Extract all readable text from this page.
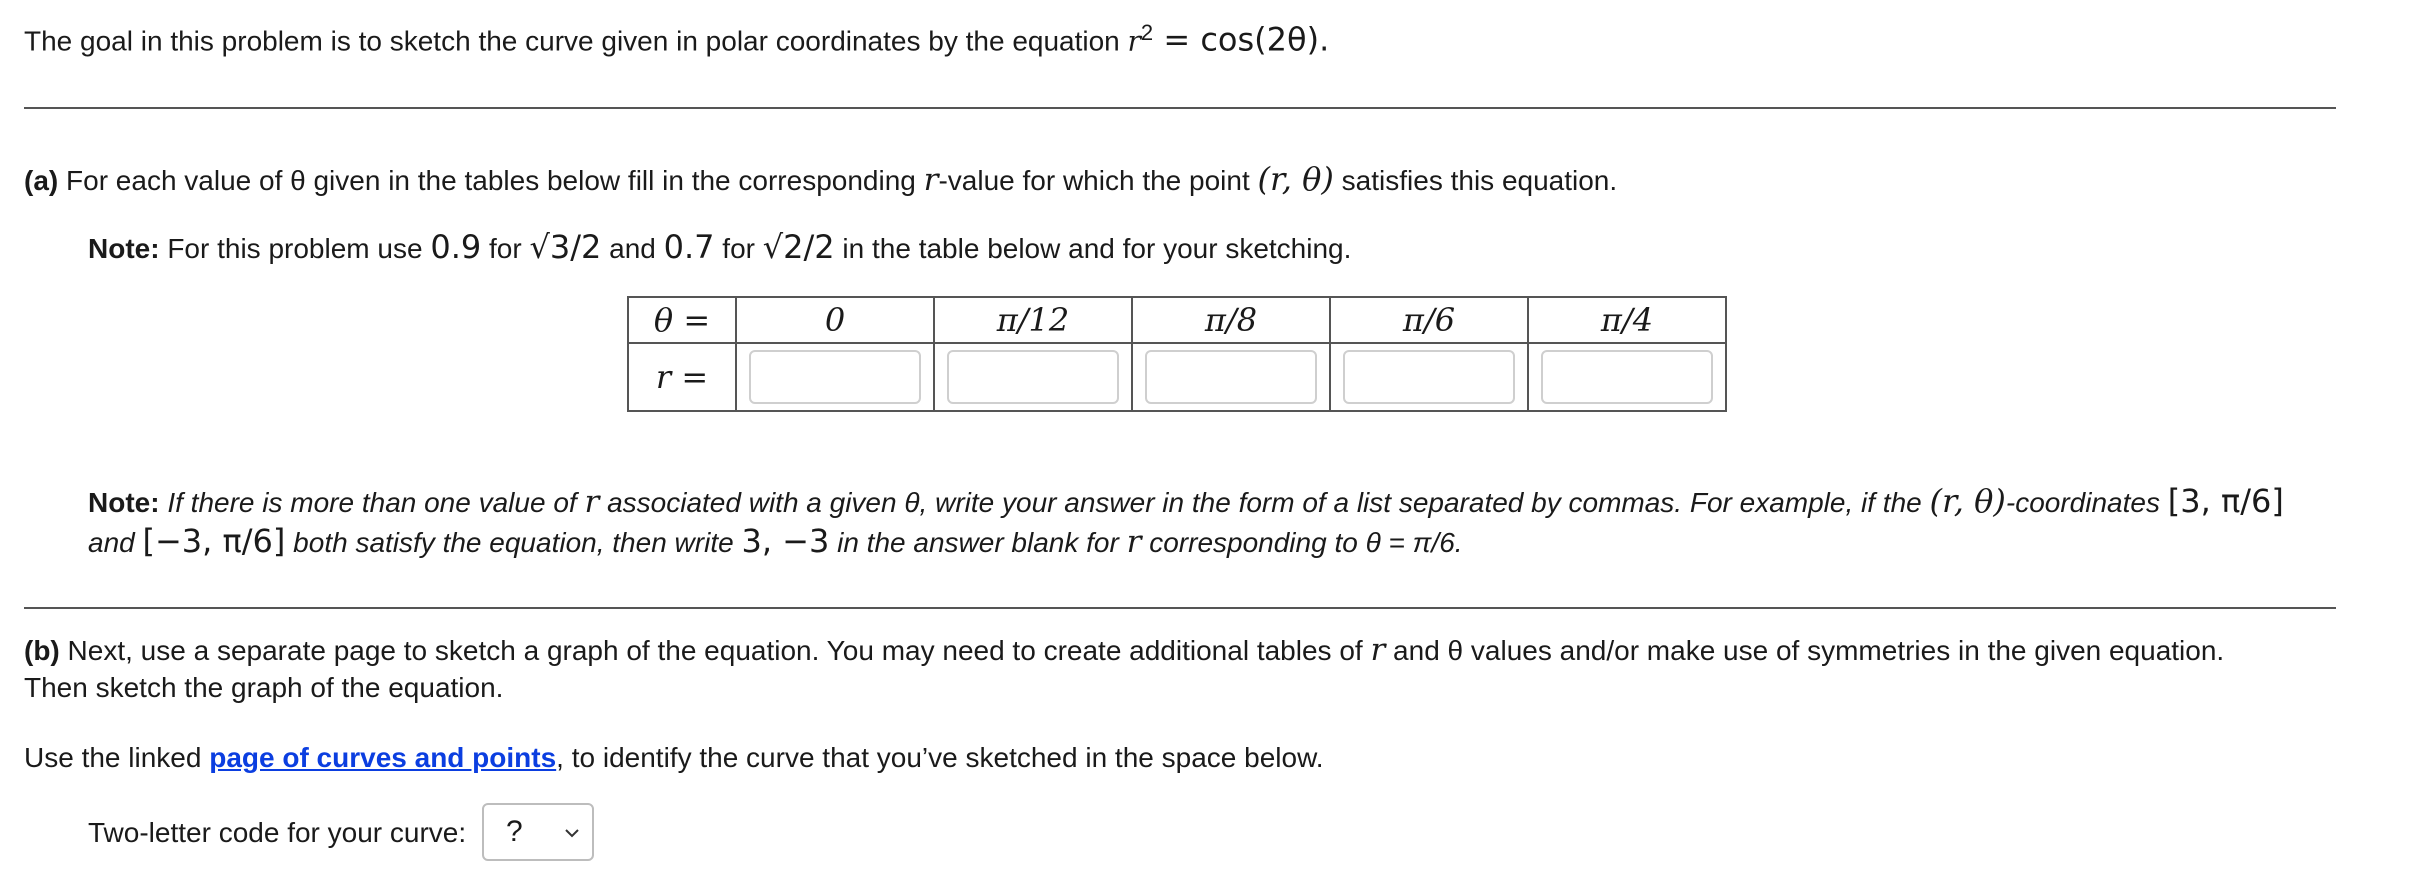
The goal in this problem is to sketch the curve given in polar coordinates by the equation $r^2 = \cos(2\theta)$.
(a) For each value of θ given in the tables below fill in the corresponding r-value for which the point (r, θ) satisfies this equation.
Note: For this problem use 0.9 for √3/2 and 0.7 for √2/2 in the table below and for your sketching.
θ =	0	π/12	π/8	π/6	π/4
r =	

Note: If there is more than one value of r associated with a given θ, write your answer in the form of a list separated by commas. For example, if the (r, θ)-coordinates [3, π/6]
and [−3, π/6] both satisfy the equation, then write 3, −3 in the answer blank for r corresponding to θ = π/6.
(b) Next, use a separate page to sketch a graph of the equation. You may need to create additional tables of r and θ values and/or make use of symmetries in the given equation.
Then sketch the graph of the equation.
Use the linked page of curves and points, to identify the curve that you’ve sketched in the space below.
Two-letter code for your curve: ?
